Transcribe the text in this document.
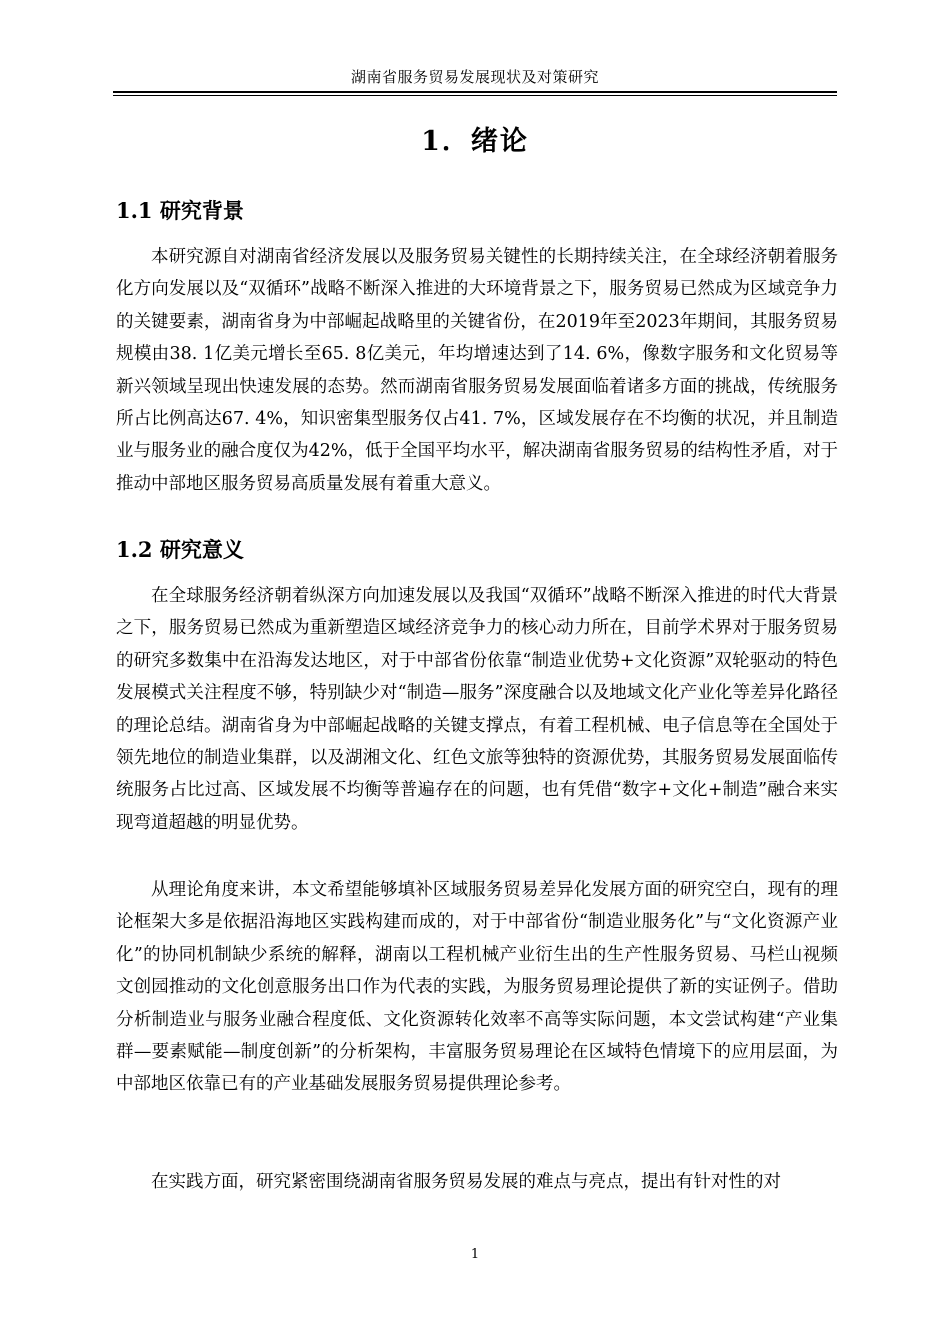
湖南省服务贸易发展现状及对策研究
1．绪论
1.1 研究背景
本研究源自对湖南省经济发展以及服务贸易关键性的长期持续关注，在全球经济朝着服务化方向发展以及“双循环”战略不断深入推进的大环境背景之下，服务贸易已然成为区域竞争力的关键要素，湖南省身为中部崛起战略里的关键省份，在2019年至2023年期间，其服务贸易规模由38. 1亿美元增长至65. 8亿美元，年均增速达到了14. 6%，像数字服务和文化贸易等新兴领域呈现出快速发展的态势。然而湖南省服务贸易发展面临着诸多方面的挑战，传统服务所占比例高达67. 4%，知识密集型服务仅占41. 7%，区域发展存在不均衡的状况，并且制造业与服务业的融合度仅为42%，低于全国平均水平，解决湖南省服务贸易的结构性矛盾，对于推动中部地区服务贸易高质量发展有着重大意义。
1.2 研究意义
在全球服务经济朝着纵深方向加速发展以及我国“双循环”战略不断深入推进的时代大背景之下，服务贸易已然成为重新塑造区域经济竞争力的核心动力所在，目前学术界对于服务贸易的研究多数集中在沿海发达地区，对于中部省份依靠“制造业优势+文化资源”双轮驱动的特色发展模式关注程度不够，特别缺少对“制造—服务”深度融合以及地域文化产业化等差异化路径的理论总结。湖南省身为中部崛起战略的关键支撑点，有着工程机械、电子信息等在全国处于领先地位的制造业集群，以及湖湘文化、红色文旅等独特的资源优势，其服务贸易发展面临传统服务占比过高、区域发展不均衡等普遍存在的问题，也有凭借“数字+文化+制造”融合来实现弯道超越的明显优势。
从理论角度来讲，本文希望能够填补区域服务贸易差异化发展方面的研究空白，现有的理论框架大多是依据沿海地区实践构建而成的，对于中部省份“制造业服务化”与“文化资源产业化”的协同机制缺少系统的解释，湖南以工程机械产业衍生出的生产性服务贸易、马栏山视频文创园推动的文化创意服务出口作为代表的实践，为服务贸易理论提供了新的实证例子。借助分析制造业与服务业融合程度低、文化资源转化效率不高等实际问题，本文尝试构建“产业集群—要素赋能—制度创新”的分析架构，丰富服务贸易理论在区域特色情境下的应用层面，为中部地区依靠已有的产业基础发展服务贸易提供理论参考。
在实践方面，研究紧密围绕湖南省服务贸易发展的难点与亮点，提出有针对性的对
1
